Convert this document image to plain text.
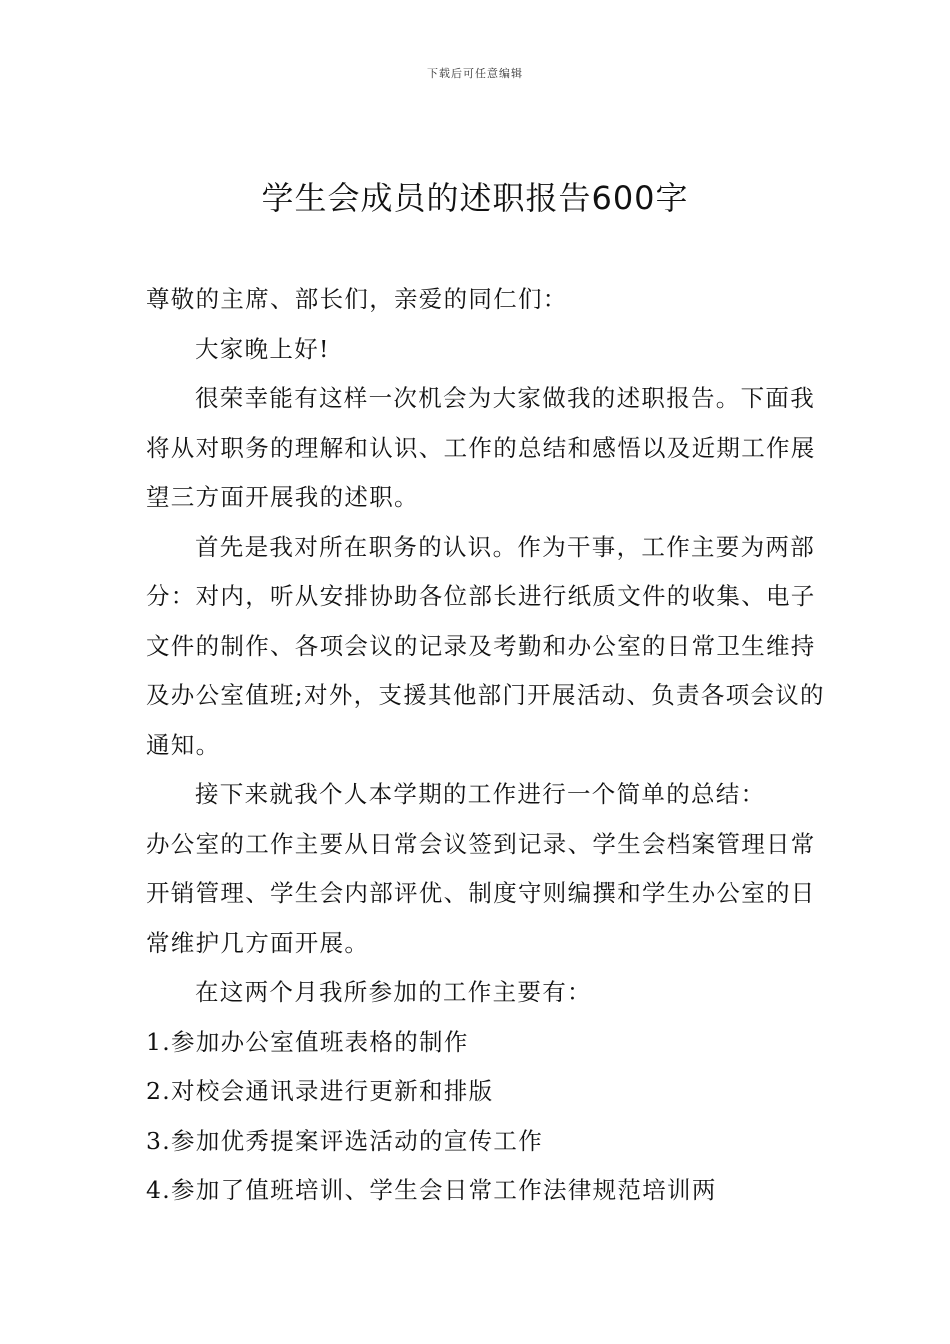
下载后可任意编辑
学生会成员的述职报告600字

尊敬的主席、部长们，亲爱的同仁们：

大家晚上好!

很荣幸能有这样一次机会为大家做我的述职报告。下面我将从对职务的理解和认识、工作的总结和感悟以及近期工作展望三方面开展我的述职。

首先是我对所在职务的认识。作为干事，工作主要为两部分：对内，听从安排协助各位部长进行纸质文件的收集、电子文件的制作、各项会议的记录及考勤和办公室的日常卫生维持及办公室值班;对外，支援其他部门开展活动、负责各项会议的通知。

接下来就我个人本学期的工作进行一个简单的总结：

办公室的工作主要从日常会议签到记录、学生会档案管理日常开销管理、学生会内部评优、制度守则编撰和学生办公室的日常维护几方面开展。

在这两个月我所参加的工作主要有：

1.参加办公室值班表格的制作

2.对校会通讯录进行更新和排版

3.参加优秀提案评选活动的宣传工作

4.参加了值班培训、学生会日常工作法律规范培训两
